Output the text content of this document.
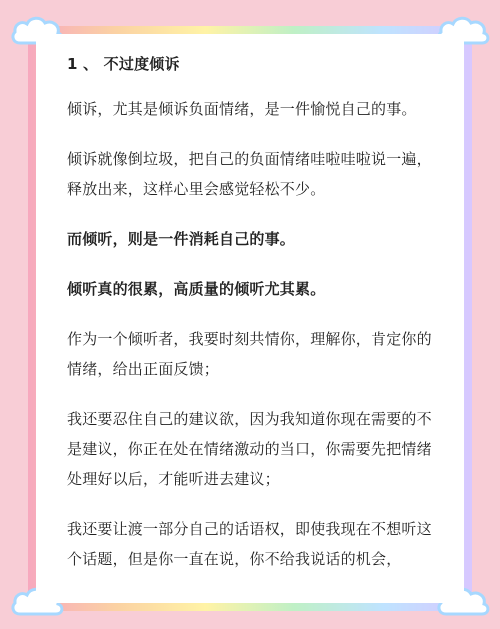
1 、 不过度倾诉
倾诉，尤其是倾诉负面情绪，是一件愉悦自己的事。
倾诉就像倒垃圾，把自己的负面情绪哇啦哇啦说一遍，释放出来，这样心里会感觉轻松不少。
而倾听，则是一件消耗自己的事。
倾听真的很累，高质量的倾听尤其累。
作为一个倾听者，我要时刻共情你，理解你，肯定你的情绪，给出正面反馈；
我还要忍住自己的建议欲，因为我知道你现在需要的不是建议，你正在处在情绪激动的当口，你需要先把情绪处理好以后，才能听进去建议；
我还要让渡一部分自己的话语权，即使我现在不想听这个话题，但是你一直在说，你不给我说话的机会，
